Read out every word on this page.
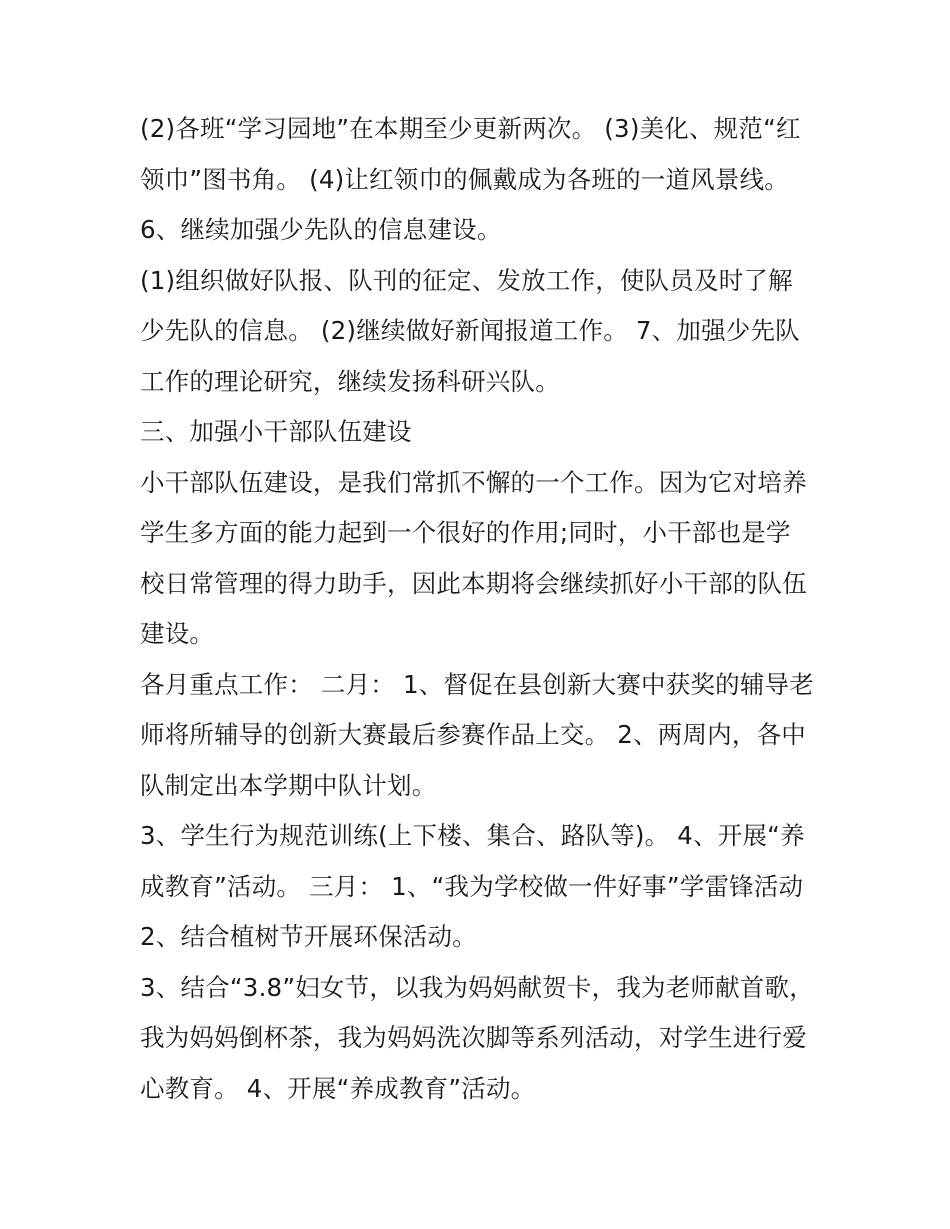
(2)各班“学习园地”在本期至少更新两次。 (3)美化、规范“红

领巾”图书角。 (4)让红领巾的佩戴成为各班的一道风景线。

6、继续加强少先队的信息建设。

(1)组织做好队报、队刊的征定、发放工作，使队员及时了解

少先队的信息。 (2)继续做好新闻报道工作。 7、加强少先队

工作的理论研究，继续发扬科研兴队。

三、加强小干部队伍建设

小干部队伍建设，是我们常抓不懈的一个工作。因为它对培养

学生多方面的能力起到一个很好的作用;同时，小干部也是学

校日常管理的得力助手，因此本期将会继续抓好小干部的队伍

建设。

各月重点工作： 二月： 1、督促在县创新大赛中获奖的辅导老

师将所辅导的创新大赛最后参赛作品上交。 2、两周内，各中

队制定出本学期中队计划。

3、学生行为规范训练(上下楼、集合、路队等)。 4、开展“养

成教育”活动。 三月： 1、“我为学校做一件好事”学雷锋活动

2、结合植树节开展环保活动。

3、结合“3.8”妇女节，以我为妈妈献贺卡，我为老师献首歌，

我为妈妈倒杯茶，我为妈妈洗次脚等系列活动，对学生进行爱

心教育。 4、开展“养成教育”活动。
